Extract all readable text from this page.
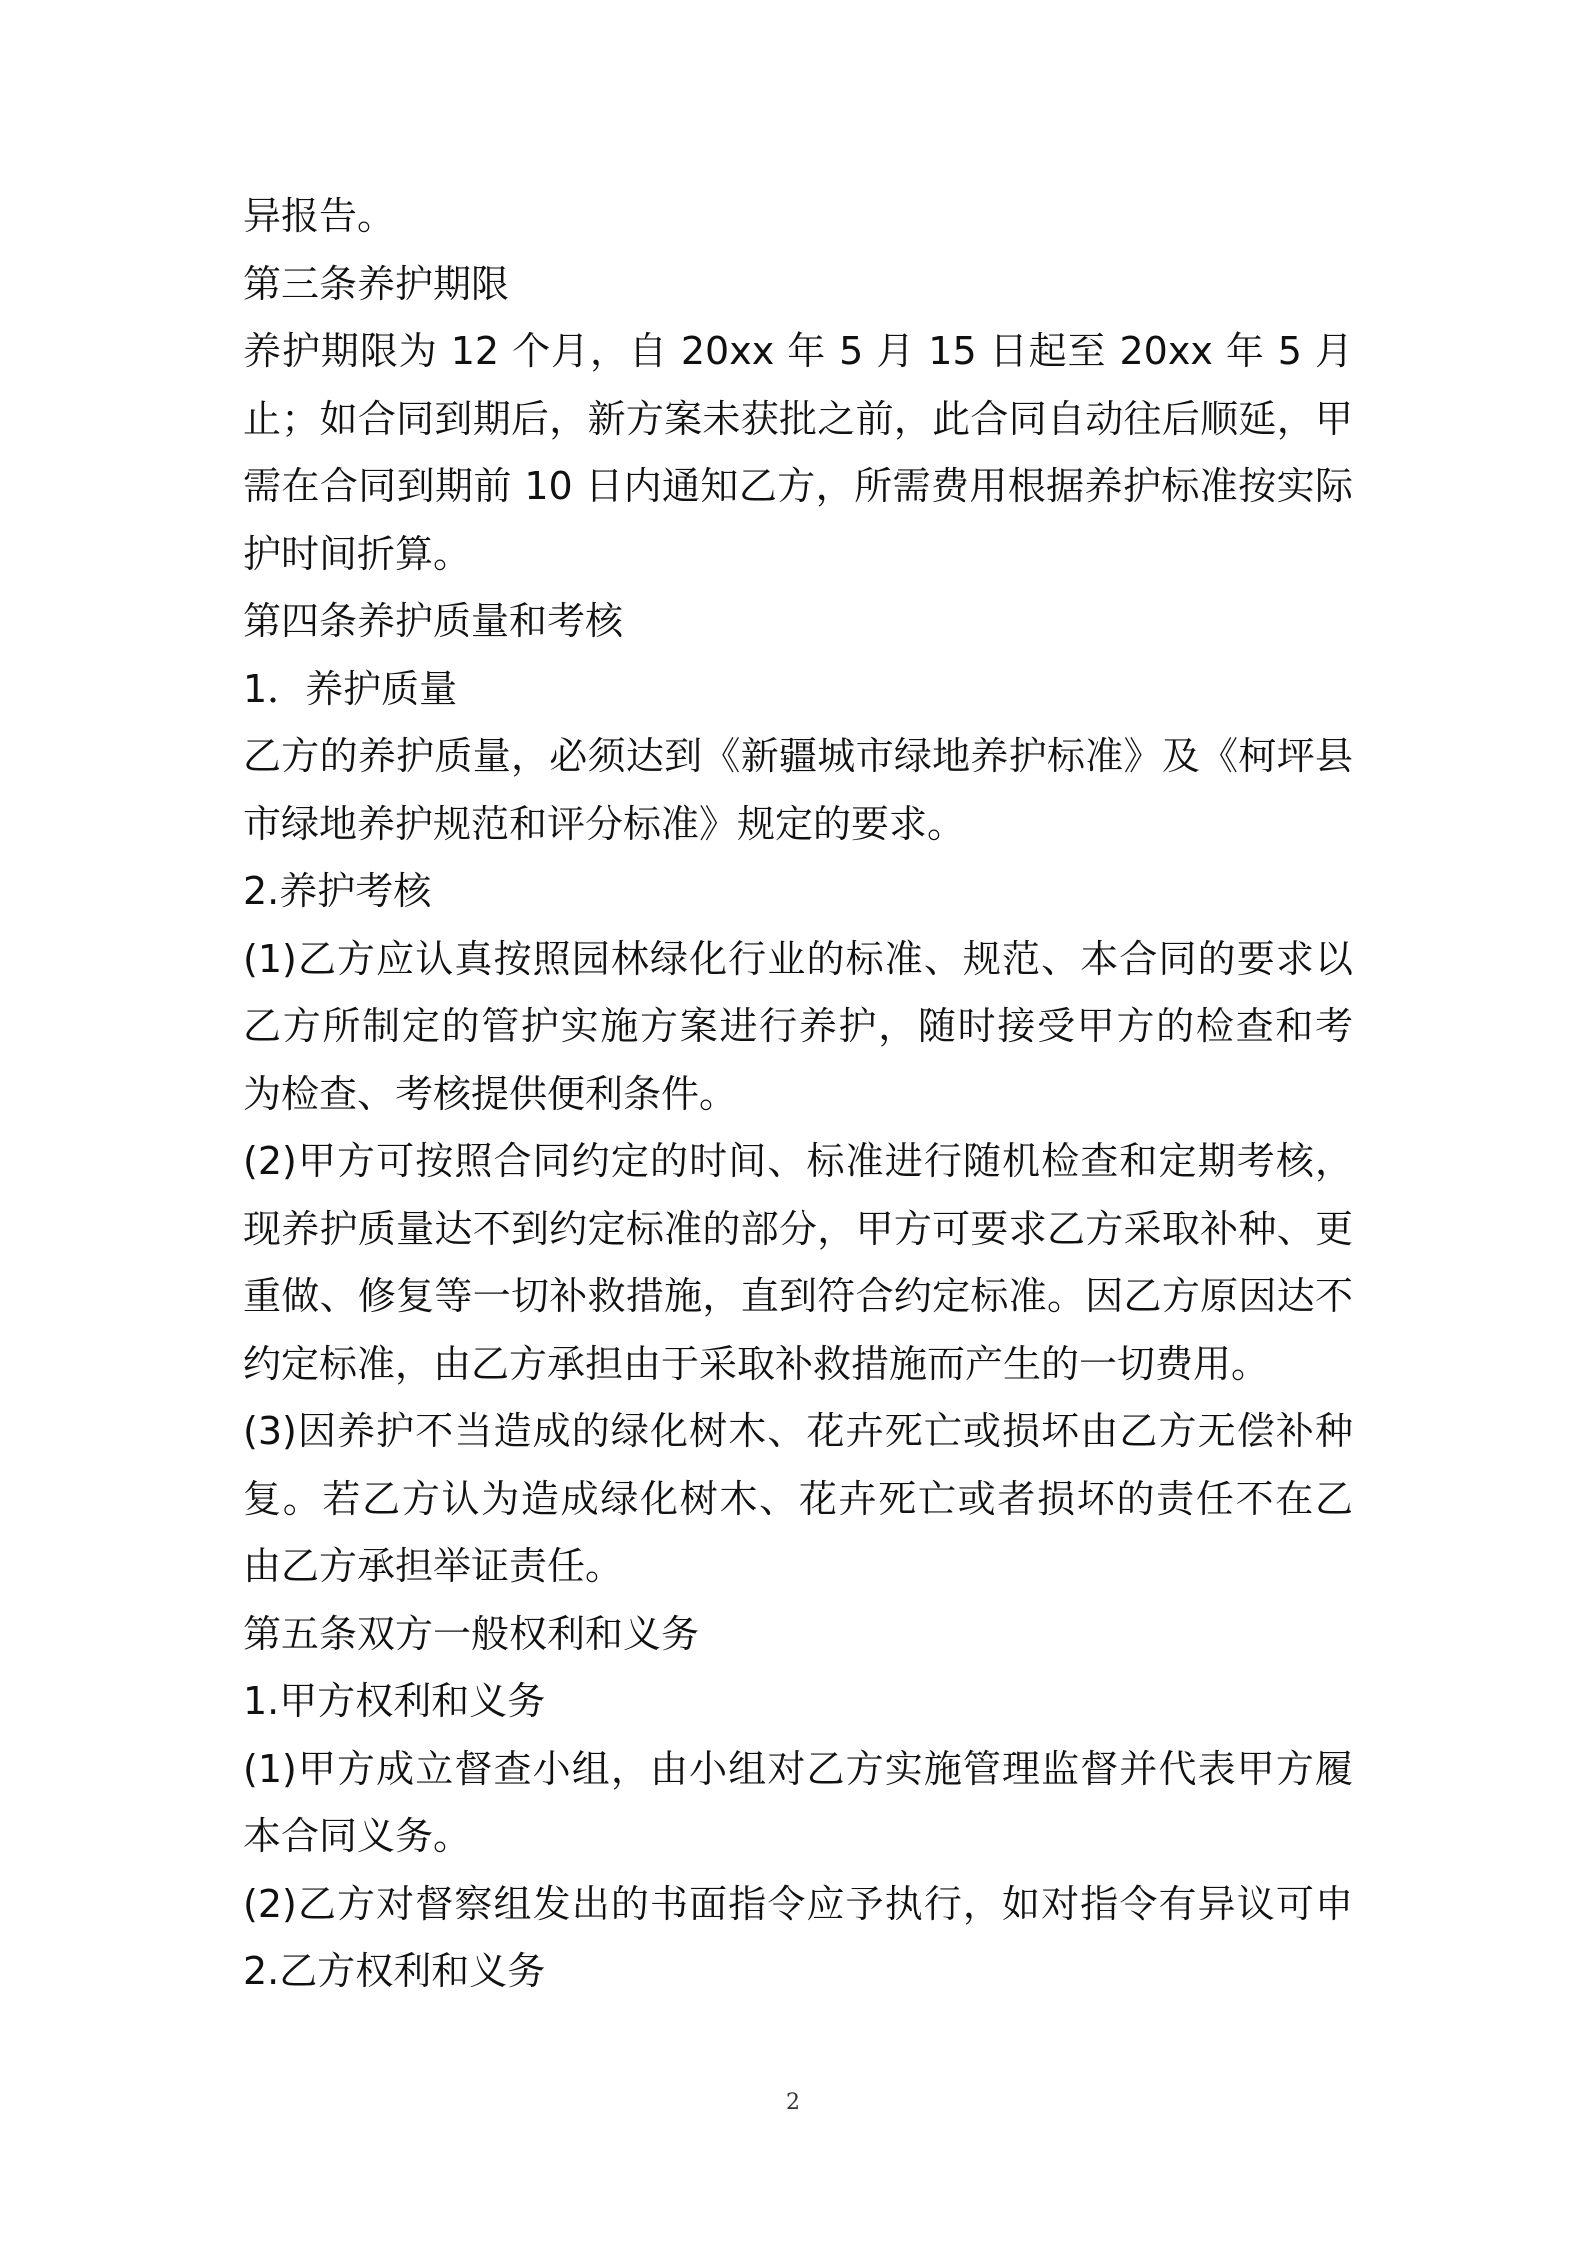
异报告。
第三条养护期限
养护期限为 12 个月，自 20xx 年 5 月 15 日起至 20xx 年 5 月
止；如合同到期后，新方案未获批之前，此合同自动往后顺延，甲
需在合同到期前 10 日内通知乙方，所需费用根据养护标准按实际
护时间折算。
第四条养护质量和考核
1．养护质量
乙方的养护质量，必须达到《新疆城市绿地养护标准》及《柯坪县
市绿地养护规范和评分标准》规定的要求。
2.养护考核
(1)乙方应认真按照园林绿化行业的标准、规范、本合同的要求以
乙方所制定的管护实施方案进行养护，随时接受甲方的检查和考
为检查、考核提供便利条件。
(2)甲方可按照合同约定的时间、标准进行随机检查和定期考核，
现养护质量达不到约定标准的部分，甲方可要求乙方采取补种、更
重做、修复等一切补救措施，直到符合约定标准。因乙方原因达不
约定标准，由乙方承担由于采取补救措施而产生的一切费用。
(3)因养护不当造成的绿化树木、花卉死亡或损坏由乙方无偿补种
复。若乙方认为造成绿化树木、花卉死亡或者损坏的责任不在乙
由乙方承担举证责任。
第五条双方一般权利和义务
1.甲方权利和义务
(1)甲方成立督查小组，由小组对乙方实施管理监督并代表甲方履
本合同义务。
(2)乙方对督察组发出的书面指令应予执行，如对指令有异议可申
2.乙方权利和义务
2
